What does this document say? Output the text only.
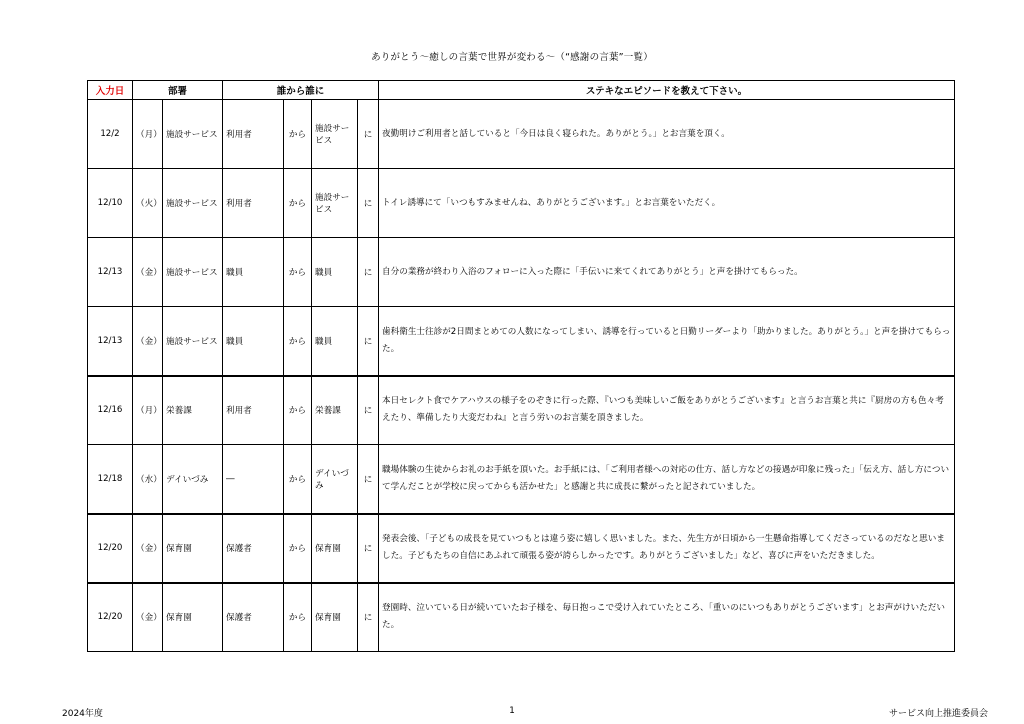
ありがとう〜癒しの言葉で世界が変わる〜（“感謝の言葉”一覧）
入力日	部署		誰から誰に				ステキなエピソードを教えて下さい。
12/2	（月）	施設サービス	利用者	から	施設サービス	に	夜勤明けご利用者と話していると「今日は良く寝られた。ありがとう。」とお言葉を頂く。
12/10	（火）	施設サービス	利用者	から	施設サービス	に	トイレ誘導にて「いつもすみませんね、ありがとうございます。」とお言葉をいただく。
12/13	（金）	施設サービス	職員	から	職員	に	自分の業務が終わり入浴のフォローに入った際に「手伝いに来てくれてありがとう」と声を掛けてもらった。
12/13	（金）	施設サービス	職員	から	職員	に	歯科衛生士往診が2日間まとめての人数になってしまい、誘導を行っていると日勤リーダーより「助かりました。ありがとう。」と声を掛けてもらった。
12/16	（月）	栄養課	利用者	から	栄養課	に	本日セレクト食でケアハウスの様子をのぞきに行った際、『いつも美味しいご飯をありがとうございます』と言うお言葉と共に『厨房の方も色々考えたり、準備したり大変だわね』と言う労いのお言葉を頂きました。
12/18	（水）	デイいづみ	―	から	デイいづみ	に	職場体験の生徒からお礼のお手紙を頂いた。お手紙には、「ご利用者様への対応の仕方、話し方などの接遇が印象に残った」「伝え方、話し方について学んだことが学校に戻ってからも活かせた」と感謝と共に成長に繋がったと記されていました。
12/20	（金）	保育園	保護者	から	保育園	に	発表会後、「子どもの成長を見ていつもとは違う姿に嬉しく思いました。また、先生方が日頃から一生懸命指導してくださっているのだなと思いました。子どもたちの自信にあふれて頑張る姿が誇らしかったです。ありがとうございました」など、喜びに声をいただきました。
12/20	（金）	保育園	保護者	から	保育園	に	登園時、泣いている日が続いていたお子様を、毎日抱っこで受け入れていたところ、「重いのにいつもありがとうございます」とお声がけいただいた。
2024年度	1	サービス向上推進委員会
